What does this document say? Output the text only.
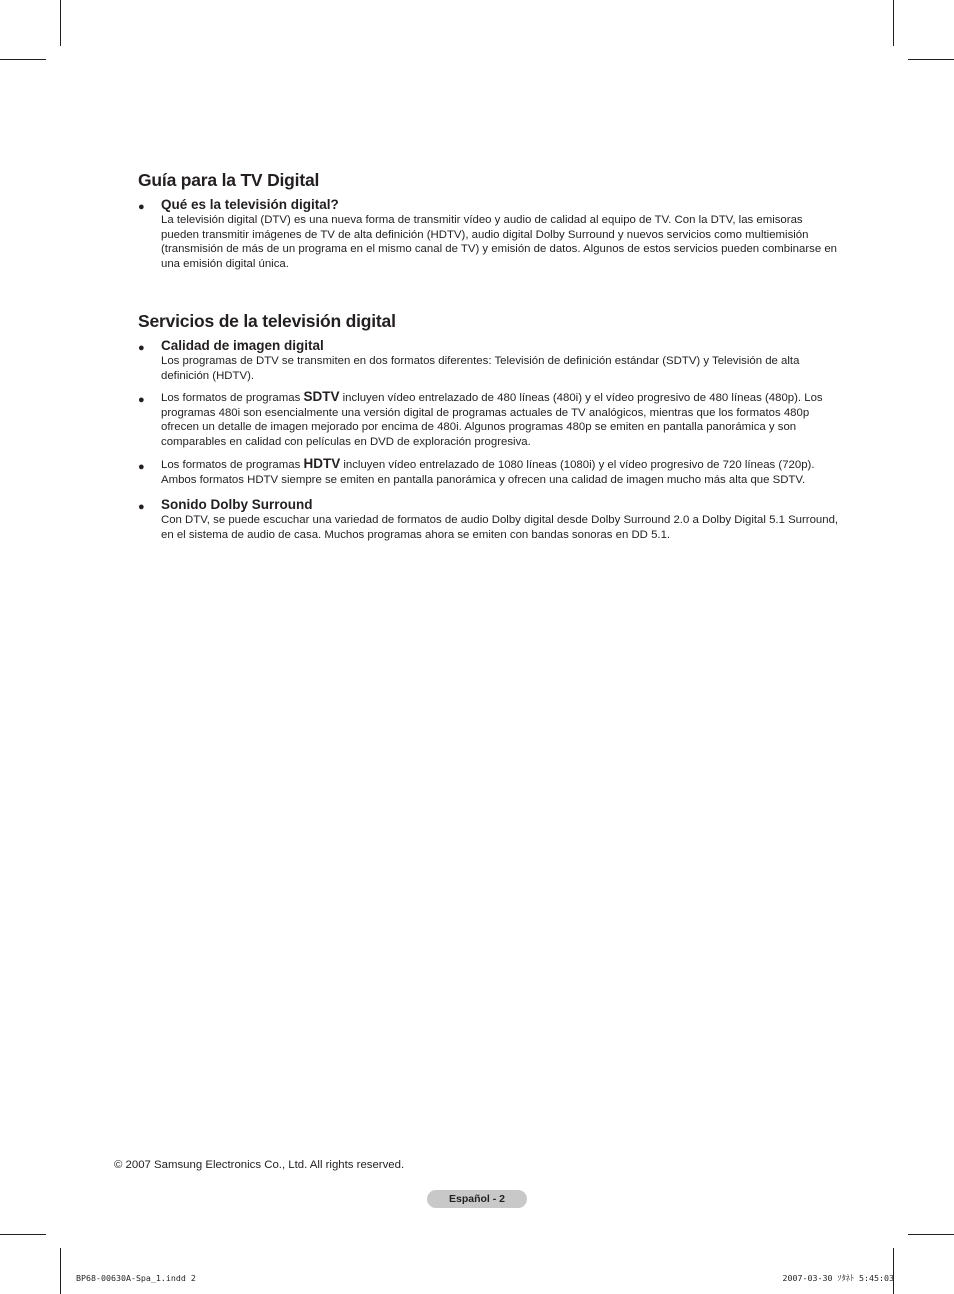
Guía para la TV Digital
● Qué es la televisión digital?

La televisión digital (DTV) es una nueva forma de transmitir vídeo y audio de calidad al equipo de TV. Con la DTV, las emisoras pueden transmitir imágenes de TV de alta definición (HDTV), audio digital Dolby Surround y nuevos servicios como multiemisión (transmisión de más de un programa en el mismo canal de TV) y emisión de datos. Algunos de estos servicios pueden combinarse en una emisión digital única.

Servicios de la televisión digital
● Calidad de imagen digital

Los programas de DTV se transmiten en dos formatos diferentes: Televisión de definición estándar (SDTV) y Televisión de alta definición (HDTV).

● Los formatos de programas SDTV incluyen vídeo entrelazado de 480 líneas (480i) y el vídeo progresivo de 480 líneas (480p). Los programas 480i son esencialmente una versión digital de programas actuales de TV analógicos, mientras que los formatos 480p ofrecen un detalle de imagen mejorado por encima de 480i. Algunos programas 480p se emiten en pantalla panorámica y son comparables en calidad con películas en DVD de exploración progresiva.

● Los formatos de programas HDTV incluyen vídeo entrelazado de 1080 líneas (1080i) y el vídeo progresivo de 720 líneas (720p). Ambos formatos HDTV siempre se emiten en pantalla panorámica y ofrecen una calidad de imagen mucho más alta que SDTV.

● Sonido Dolby Surround

Con DTV, se puede escuchar una variedad de formatos de audio Dolby digital desde Dolby Surround 2.0 a Dolby Digital 5.1 Surround, en el sistema de audio de casa. Muchos programas ahora se emiten con bandas sonoras en DD 5.1.

© 2007 Samsung Electronics Co., Ltd. All rights reserved.
Español - 2
BP68-00630A-Spa_1.indd 2	2007-03-30 ｿﾀﾈﾄ 5:45:03
